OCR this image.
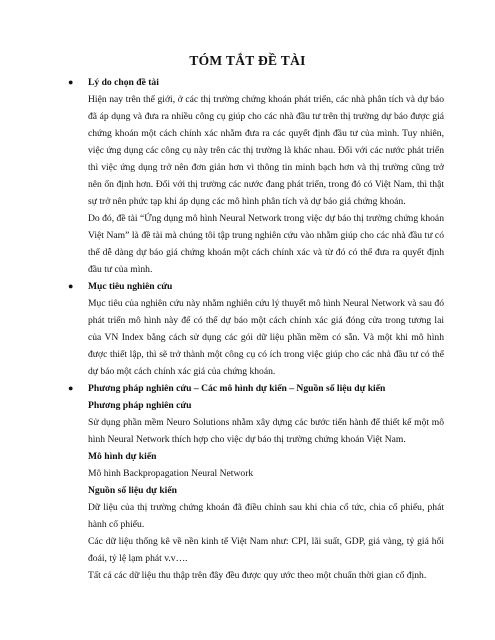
TÓM TẮT ĐỀ TÀI
● Lý do chọn đề tài
Hiện nay trên thế giới, ở các thị trường chứng khoán phát triển, các nhà phân tích và dự báo đã áp dụng và đưa ra nhiều công cụ giúp cho các nhà đầu tư trên thị trường dự báo được giá chứng khoán một cách chính xác nhằm đưa ra các quyết định đầu tư của mình. Tuy nhiên, việc ứng dụng các công cụ này trên các thị trường là khác nhau. Đối với các nước phát triển thì việc ứng dụng trở nên đơn giản hơn vì thông tin minh bạch hơn và thị trường cũng trở nên ổn định hơn. Đối với thị trường các nước đang phát triển, trong đó có Việt Nam, thì thật sự trở nên phức tạp khi áp dụng các mô hình phân tích và dự báo giá chứng khoán.
Do đó, đề tài “Ứng dụng mô hình Neural Network trong việc dự báo thị trường chứng khoán Việt Nam” là đề tài mà chúng tôi tập trung nghiên cứu vào nhằm giúp cho các nhà đầu tư có thể dễ dàng dự báo giá chứng khoán một cách chính xác và từ đó có thể đưa ra quyết định đầu tư của mình.
● Mục tiêu nghiên cứu
Mục tiêu của nghiên cứu này nhằm nghiên cứu lý thuyết mô hình Neural Network và sau đó phát triển mô hình này để có thể dự báo một cách chính xác giá đóng cửa trong tương lai của VN Index bằng cách sử dụng các gói dữ liệu phần mềm có sẵn. Và một khi mô hình được thiết lập, thì sẽ trở thành một công cụ có ích trong việc giúp cho các nhà đầu tư có thể dự báo một cách chính xác giá của chứng khoán.
● Phương pháp nghiên cứu – Các mô hình dự kiến – Nguồn số liệu dự kiến
Phương pháp nghiên cứu
Sử dụng phần mềm Neuro Solutions nhằm xây dựng các bước tiến hành để thiết kế một mô hình Neural Network thích hợp cho việc dự báo thị trường chứng khoán Việt Nam.
Mô hình dự kiến
Mô hình Backpropagation Neural Network
Nguồn số liệu dự kiến
Dữ liệu của thị trường chứng khoán đã điều chỉnh sau khi chia cổ tức, chia cổ phiếu, phát hành cổ phiếu.
Các dữ liệu thống kê về nền kinh tế Việt Nam như: CPI, lãi suất, GDP, giá vàng, tỷ giá hối đoái, tỷ lệ lạm phát v.v….
Tất cả các dữ liệu thu thập trên đây đều được quy ước theo một chuẩn thời gian cố định.
